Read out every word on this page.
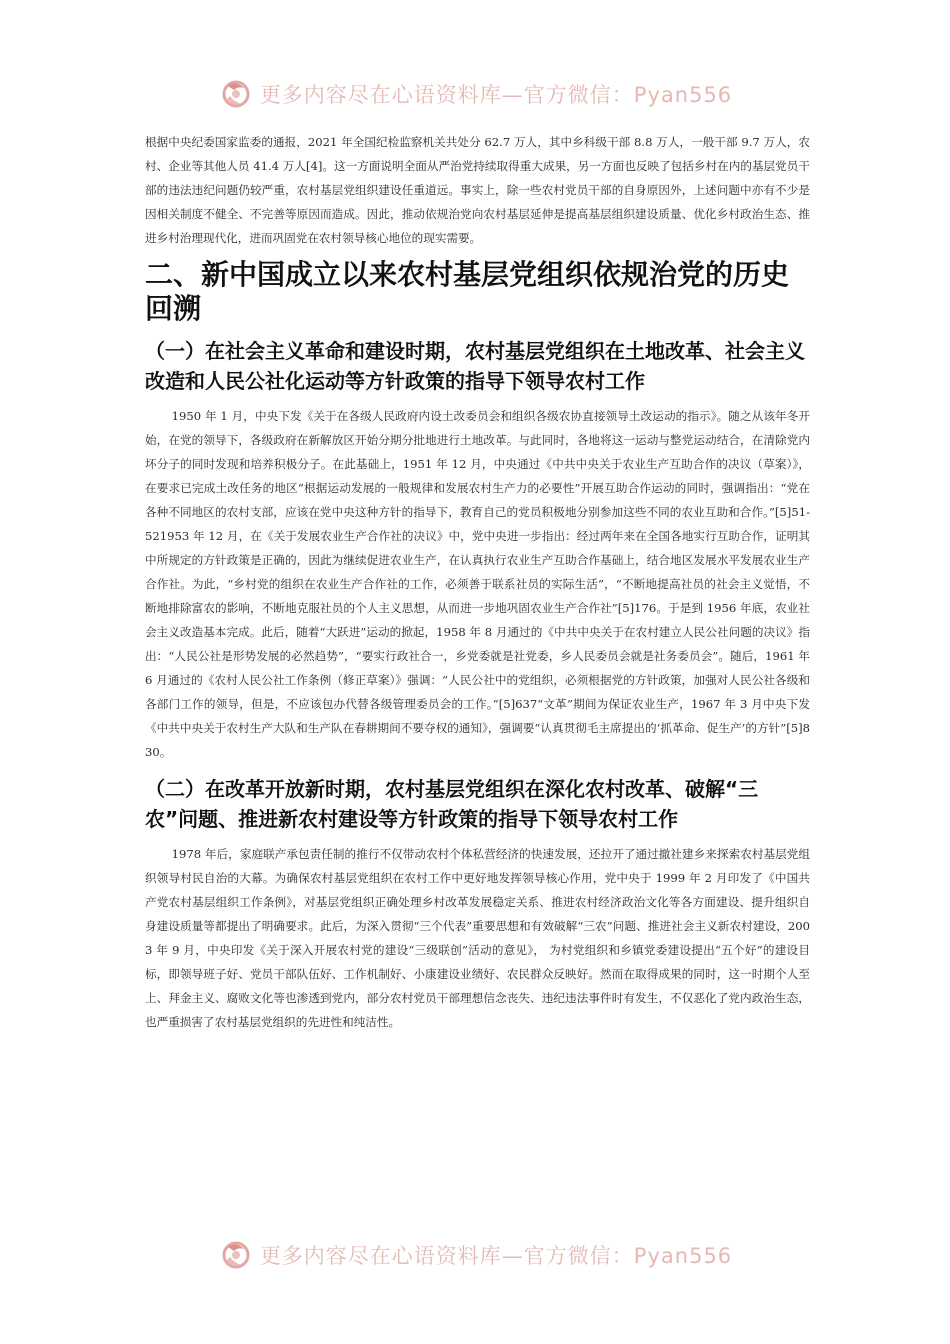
更多内容尽在心语资料库—官方微信：Pyan556

根据中央纪委国家监委的通报，2021 年全国纪检监察机关共处分 62.7 万人，其中乡科级干部 8.8 万人，一般干部 9.7 万人，农村、企业等其他人员 41.4 万人[4]。这一方面说明全面从严治党持续取得重大成果，另一方面也反映了包括乡村在内的基层党员干部的违法违纪问题仍较严重，农村基层党组织建设任重道远。事实上，除一些农村党员干部的自身原因外，上述问题中亦有不少是因相关制度不健全、不完善等原因而造成。因此，推动依规治党向农村基层延伸是提高基层组织建设质量、优化乡村政治生态、推进乡村治理现代化，进而巩固党在农村领导核心地位的现实需要。

二、新中国成立以来农村基层党组织依规治党的历史回溯
（一）在社会主义革命和建设时期，农村基层党组织在土地改革、社会主义改造和人民公社化运动等方针政策的指导下领导农村工作

1950 年 1 月，中央下发《关于在各级人民政府内设土改委员会和组织各级农协直接领导土改运动的指示》。随之从该年冬开始，在党的领导下，各级政府在新解放区开始分期分批地进行土地改革。与此同时，各地将这一运动与整党运动结合，在清除党内坏分子的同时发现和培养积极分子。在此基础上，1951 年 12 月，中央通过《中共中央关于农业生产互助合作的决议（草案）》，在要求已完成土改任务的地区“根据运动发展的一般规律和发展农村生产力的必要性”开展互助合作运动的同时，强调指出：“党在各种不同地区的农村支部，应该在党中央这种方针的指导下，教育自己的党员积极地分别参加这些不同的农业互助和合作。”[5]51-521953 年 12 月，在《关于发展农业生产合作社的决议》中，党中央进一步指出：经过两年来在全国各地实行互助合作，证明其中所规定的方针政策是正确的，因此为继续促进农业生产，在认真执行农业生产互助合作基础上，结合地区发展水平发展农业生产合作社。为此，“乡村党的组织在农业生产合作社的工作，必须善于联系社员的实际生活”，“不断地提高社员的社会主义觉悟，不断地排除富农的影响，不断地克服社员的个人主义思想，从而进一步地巩固农业生产合作社”[5]176。于是到 1956 年底，农业社会主义改造基本完成。此后，随着“大跃进”运动的掀起，1958 年 8 月通过的《中共中央关于在农村建立人民公社问题的决议》指出：“人民公社是形势发展的必然趋势”，“要实行政社合一，乡党委就是社党委，乡人民委员会就是社务委员会”。随后，1961 年 6 月通过的《农村人民公社工作条例（修正草案）》强调：“人民公社中的党组织，必须根据党的方针政策，加强对人民公社各级和各部门工作的领导，但是，不应该包办代替各级管理委员会的工作。”[5]637“文革”期间为保证农业生产，1967 年 3 月中央下发《中共中央关于农村生产大队和生产队在春耕期间不要夺权的通知》，强调要“认真贯彻毛主席提出的‘抓革命、促生产’的方针”[5]830。

（二）在改革开放新时期，农村基层党组织在深化农村改革、破解“三农”问题、推进新农村建设等方针政策的指导下领导农村工作

1978 年后，家庭联产承包责任制的推行不仅带动农村个体私营经济的快速发展，还拉开了通过撤社建乡来探索农村基层党组织领导村民自治的大幕。为确保农村基层党组织在农村工作中更好地发挥领导核心作用，党中央于 1999 年 2 月印发了《中国共产党农村基层组织工作条例》，对基层党组织正确处理乡村改革发展稳定关系、推进农村经济政治文化等各方面建设、提升组织自身建设质量等都提出了明确要求。此后，为深入贯彻“三个代表”重要思想和有效破解“三农”问题、推进社会主义新农村建设，2003 年 9 月，中央印发《关于深入开展农村党的建设“三级联创”活动的意见》， 为村党组织和乡镇党委建设提出“五个好”的建设目标，即领导班子好、党员干部队伍好、工作机制好、小康建设业绩好、农民群众反映好。然而在取得成果的同时，这一时期个人至上、拜金主义、腐败文化等也渗透到党内，部分农村党员干部理想信念丧失、违纪违法事件时有发生，不仅恶化了党内政治生态，也严重损害了农村基层党组织的先进性和纯洁性。

更多内容尽在心语资料库—官方微信：Pyan556
